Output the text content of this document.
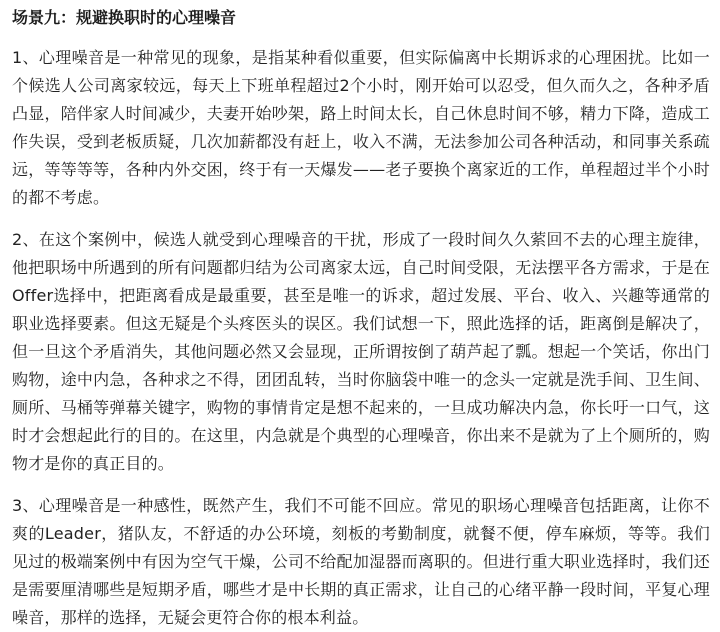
场景九：规避换职时的心理噪音

1、心理噪音是一种常见的现象，是指某种看似重要，但实际偏离中长期诉求的心理困扰。比如一个候选人公司离家较远，每天上下班单程超过2个小时，刚开始可以忍受，但久而久之，各种矛盾凸显，陪伴家人时间减少，夫妻开始吵架，路上时间太长，自己休息时间不够，精力下降，造成工作失误，受到老板质疑，几次加薪都没有赶上，收入不满，无法参加公司各种活动，和同事关系疏远，等等等等，各种内外交困，终于有一天爆发——老子要换个离家近的工作，单程超过半个小时的都不考虑。

2、在这个案例中，候选人就受到心理噪音的干扰，形成了一段时间久久萦回不去的心理主旋律，他把职场中所遇到的所有问题都归结为公司离家太远，自己时间受限，无法摆平各方需求，于是在Offer选择中，把距离看成是最重要，甚至是唯一的诉求，超过发展、平台、收入、兴趣等通常的职业选择要素。但这无疑是个头疼医头的误区。我们试想一下，照此选择的话，距离倒是解决了，但一旦这个矛盾消失，其他问题必然又会显现，正所谓按倒了葫芦起了瓢。想起一个笑话，你出门购物，途中内急，各种求之不得，团团乱转，当时你脑袋中唯一的念头一定就是洗手间、卫生间、厕所、马桶等弹幕关键字，购物的事情肯定是想不起来的，一旦成功解决内急，你长吁一口气，这时才会想起此行的目的。在这里，内急就是个典型的心理噪音，你出来不是就为了上个厕所的，购物才是你的真正目的。

3、心理噪音是一种感性，既然产生，我们不可能不回应。常见的职场心理噪音包括距离，让你不爽的Leader，猪队友，不舒适的办公环境，刻板的考勤制度，就餐不便，停车麻烦，等等。我们见过的极端案例中有因为空气干燥，公司不给配加湿器而离职的。但进行重大职业选择时，我们还是需要厘清哪些是短期矛盾，哪些才是中长期的真正需求，让自己的心绪平静一段时间，平复心理噪音，那样的选择，无疑会更符合你的根本利益。
